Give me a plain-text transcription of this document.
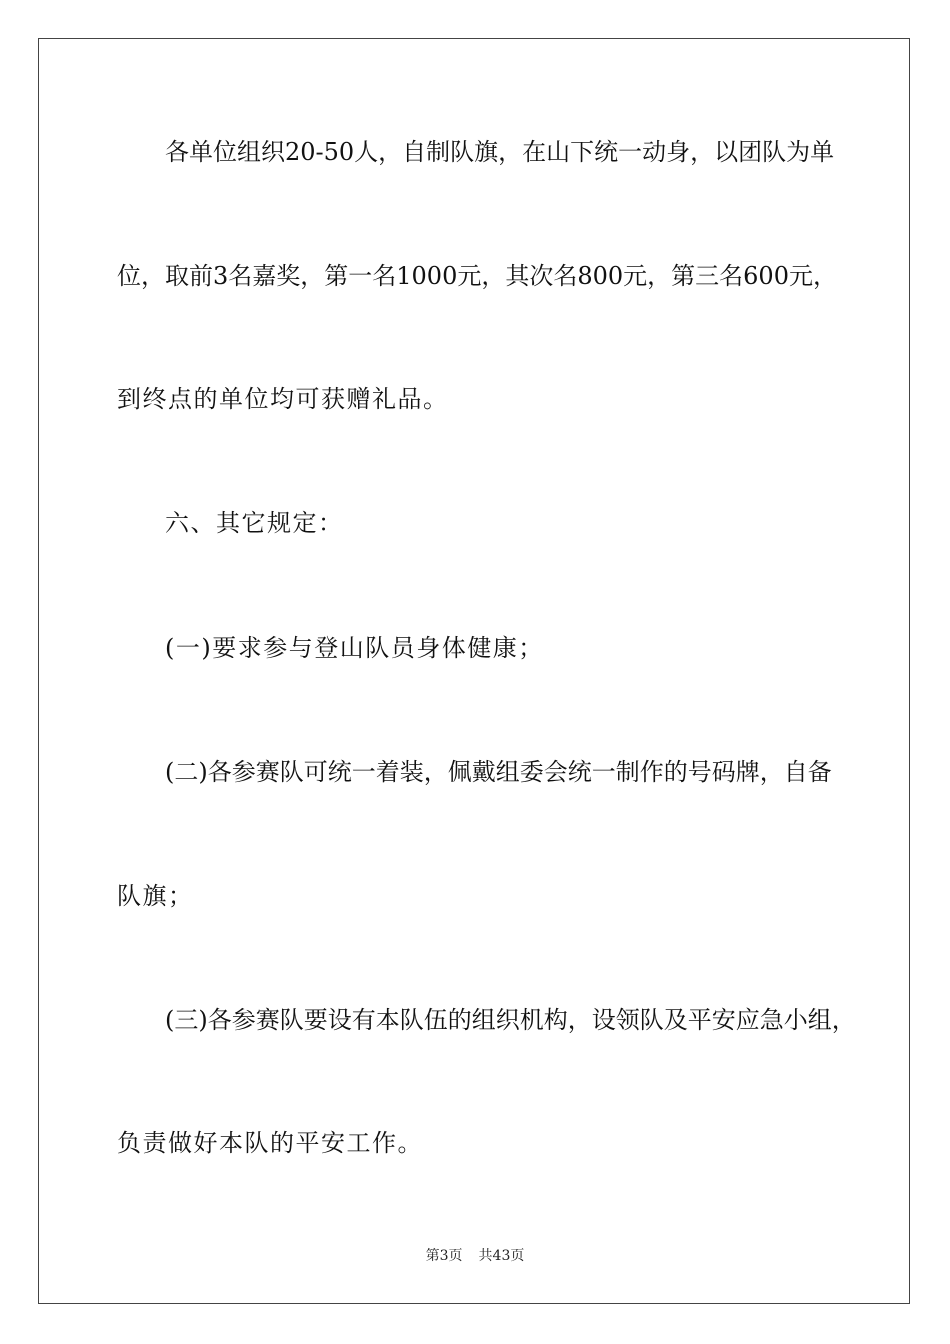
各单位组织20-50人，自制队旗，在山下统一动身，以团队为单
位，取前3名嘉奖，第一名1000元，其次名800元，第三名600元，
到终点的单位均可获赠礼品。
六、其它规定：
(一)要求参与登山队员身体健康；
(二)各参赛队可统一着装，佩戴组委会统一制作的号码牌，自备
队旗；
(三)各参赛队要设有本队伍的组织机构，设领队及平安应急小组，
负责做好本队的平安工作。
第3页 共43页
